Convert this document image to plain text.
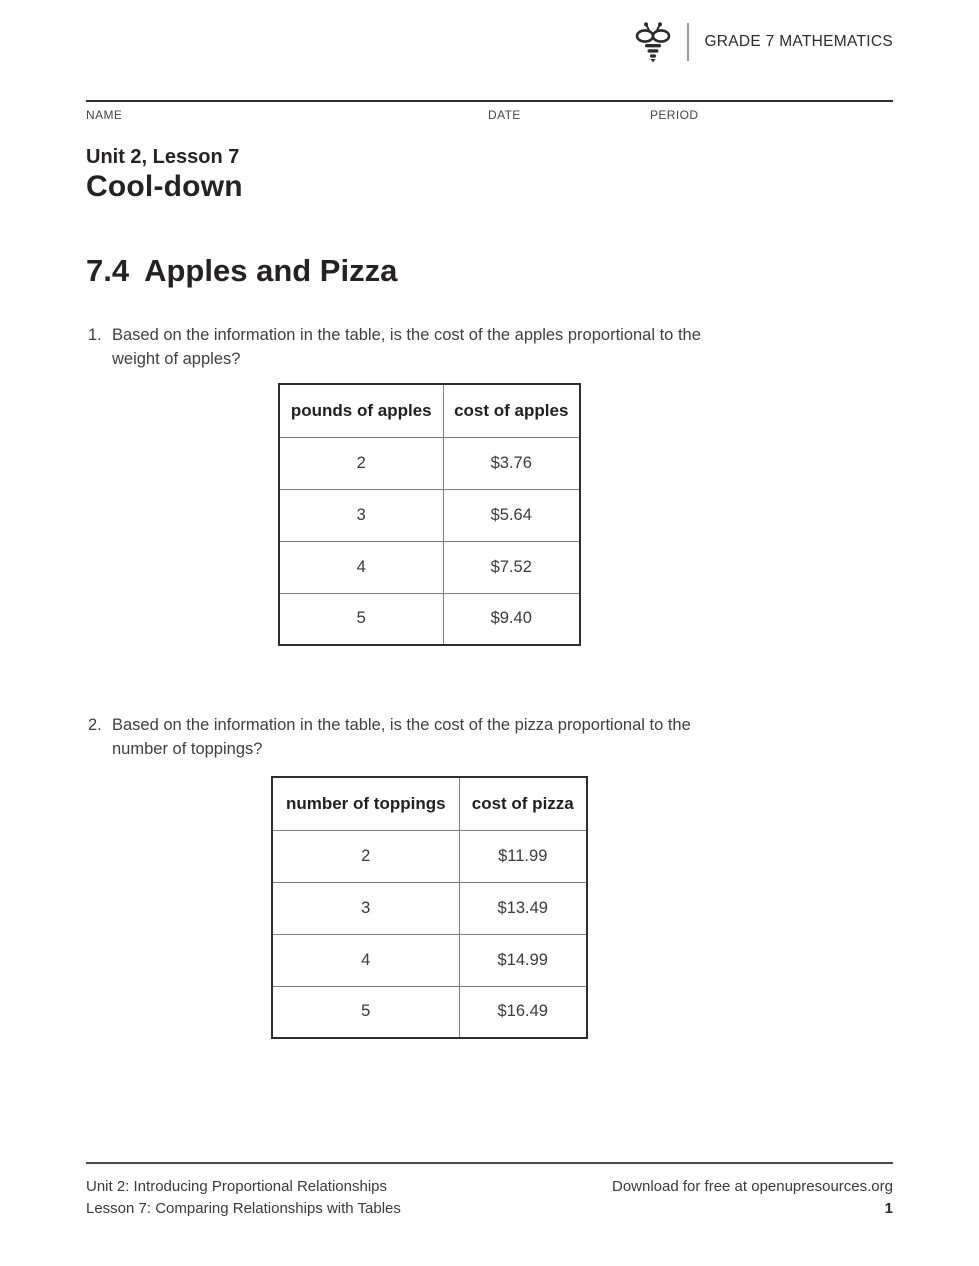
GRADE 7 MATHEMATICS
NAME	DATE	PERIOD
Unit 2, Lesson 7
Cool-down
7.4 Apples and Pizza
1. Based on the information in the table, is the cost of the apples proportional to the weight of apples?
pounds of apples	cost of apples
2	$3.76
3	$5.64
4	$7.52
5	$9.40
2. Based on the information in the table, is the cost of the pizza proportional to the number of toppings?
number of toppings	cost of pizza
2	$11.99
3	$13.49
4	$14.99
5	$16.49
Unit 2: Introducing Proportional Relationships
Lesson 7: Comparing Relationships with Tables
Download for free at openupresources.org
1
